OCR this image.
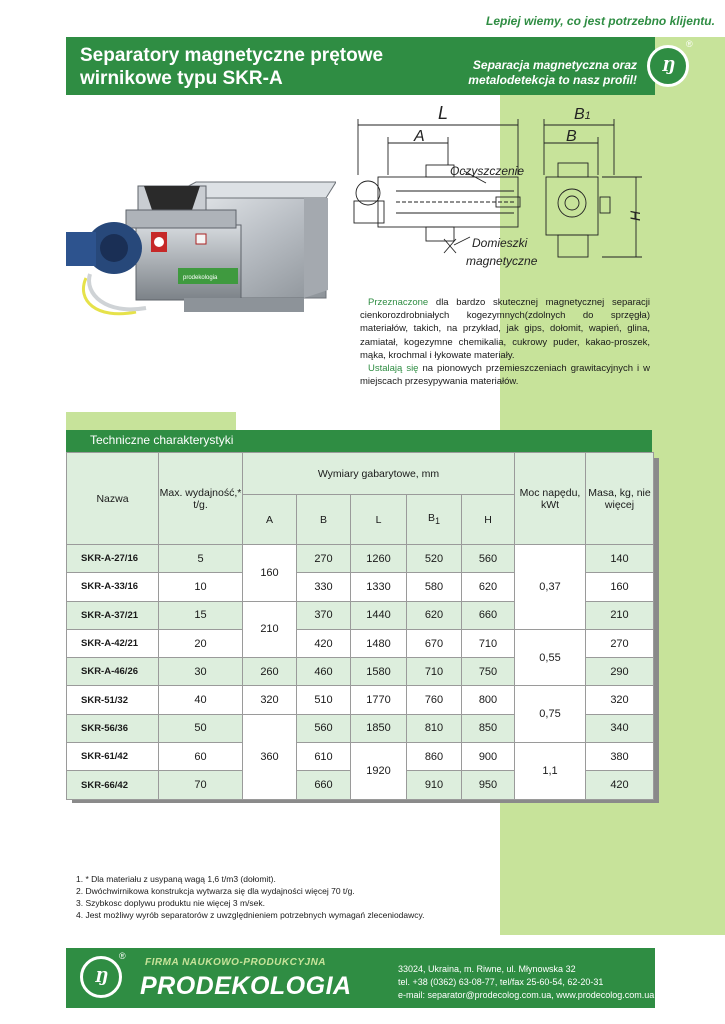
Lepiej wiemy, co jest potrzebno klijentu.
Separatory magnetyczne prętowe
wirnikowe typu SKR-A
Separacja magnetyczna oraz
metalodetekcja to nasz profil!
Ŋ
®
prodekologia
L
A
B1
B
H
Oczyszczenie
Domieszki
magnetyczne
Przeznaczone dla bardzo skutecznej magnetycznej separacji cienkorozdrobniałych kogezymnych(zdolnych do sprzęgła) materiałów, takich, na przykład, jak gips, dołomit, wapień, glina, zamiatał, kogezymne chemikalia, cukrowy puder, kakao-proszek, mąka, krochmal i łykowate materiały.
Ustalają się na pionowych przemieszczeniach grawitacyjnych i w miejscach przesypywania materiałów.
Techniczne charakterystyki
Nazwa	Max. wydajność,* t/g.	Wymiary gabarytowe, mm					Moc napędu, kWt	Masa, kg, nie więcej
		A	B	L	$B_1$	H		
SKR-A-27/16	5	160	270	1260	520	560	0,37	140
SKR-A-33/16	10		330	1330	580	620		160
SKR-A-37/21	15	210	370	1440	620	660		210
SKR-A-42/21	20		420	1480	670	710	0,55	270
SKR-A-46/26	30	260	460	1580	710	750		290
SKR-51/32	40	320	510	1770	760	800	0,75	320
SKR-56/36	50	360	560	1850	810	850		340
SKR-61/42	60		610	1920	860	900	1,1	380
SKR-66/42	70		660		910	950		420
1. * Dla materiału z usypaną wagą 1,6 t/m3 (dołomit).
2. Dwóchwirnikowa konstrukcja wytwarza się dla wydajności więcej 70 t/g.
3. Szybkosc doplywu produktu nie więcej 3 m/sek.
4. Jest możliwy wyrób separatorów z uwzględnieniem potrzebnych wymagań zleceniodawcy.
Ŋ
®
FIRMA NAUKOWO-PRODUKCYJNA
PRODEKOLOGIA
33024, Ukraina, m. Riwne, ul. Młynowska 32
tel. +38 (0362) 63-08-77, tel/fax 25-60-54, 62-20-31
e-mail: separator@prodecolog.com.ua, www.prodecolog.com.ua
